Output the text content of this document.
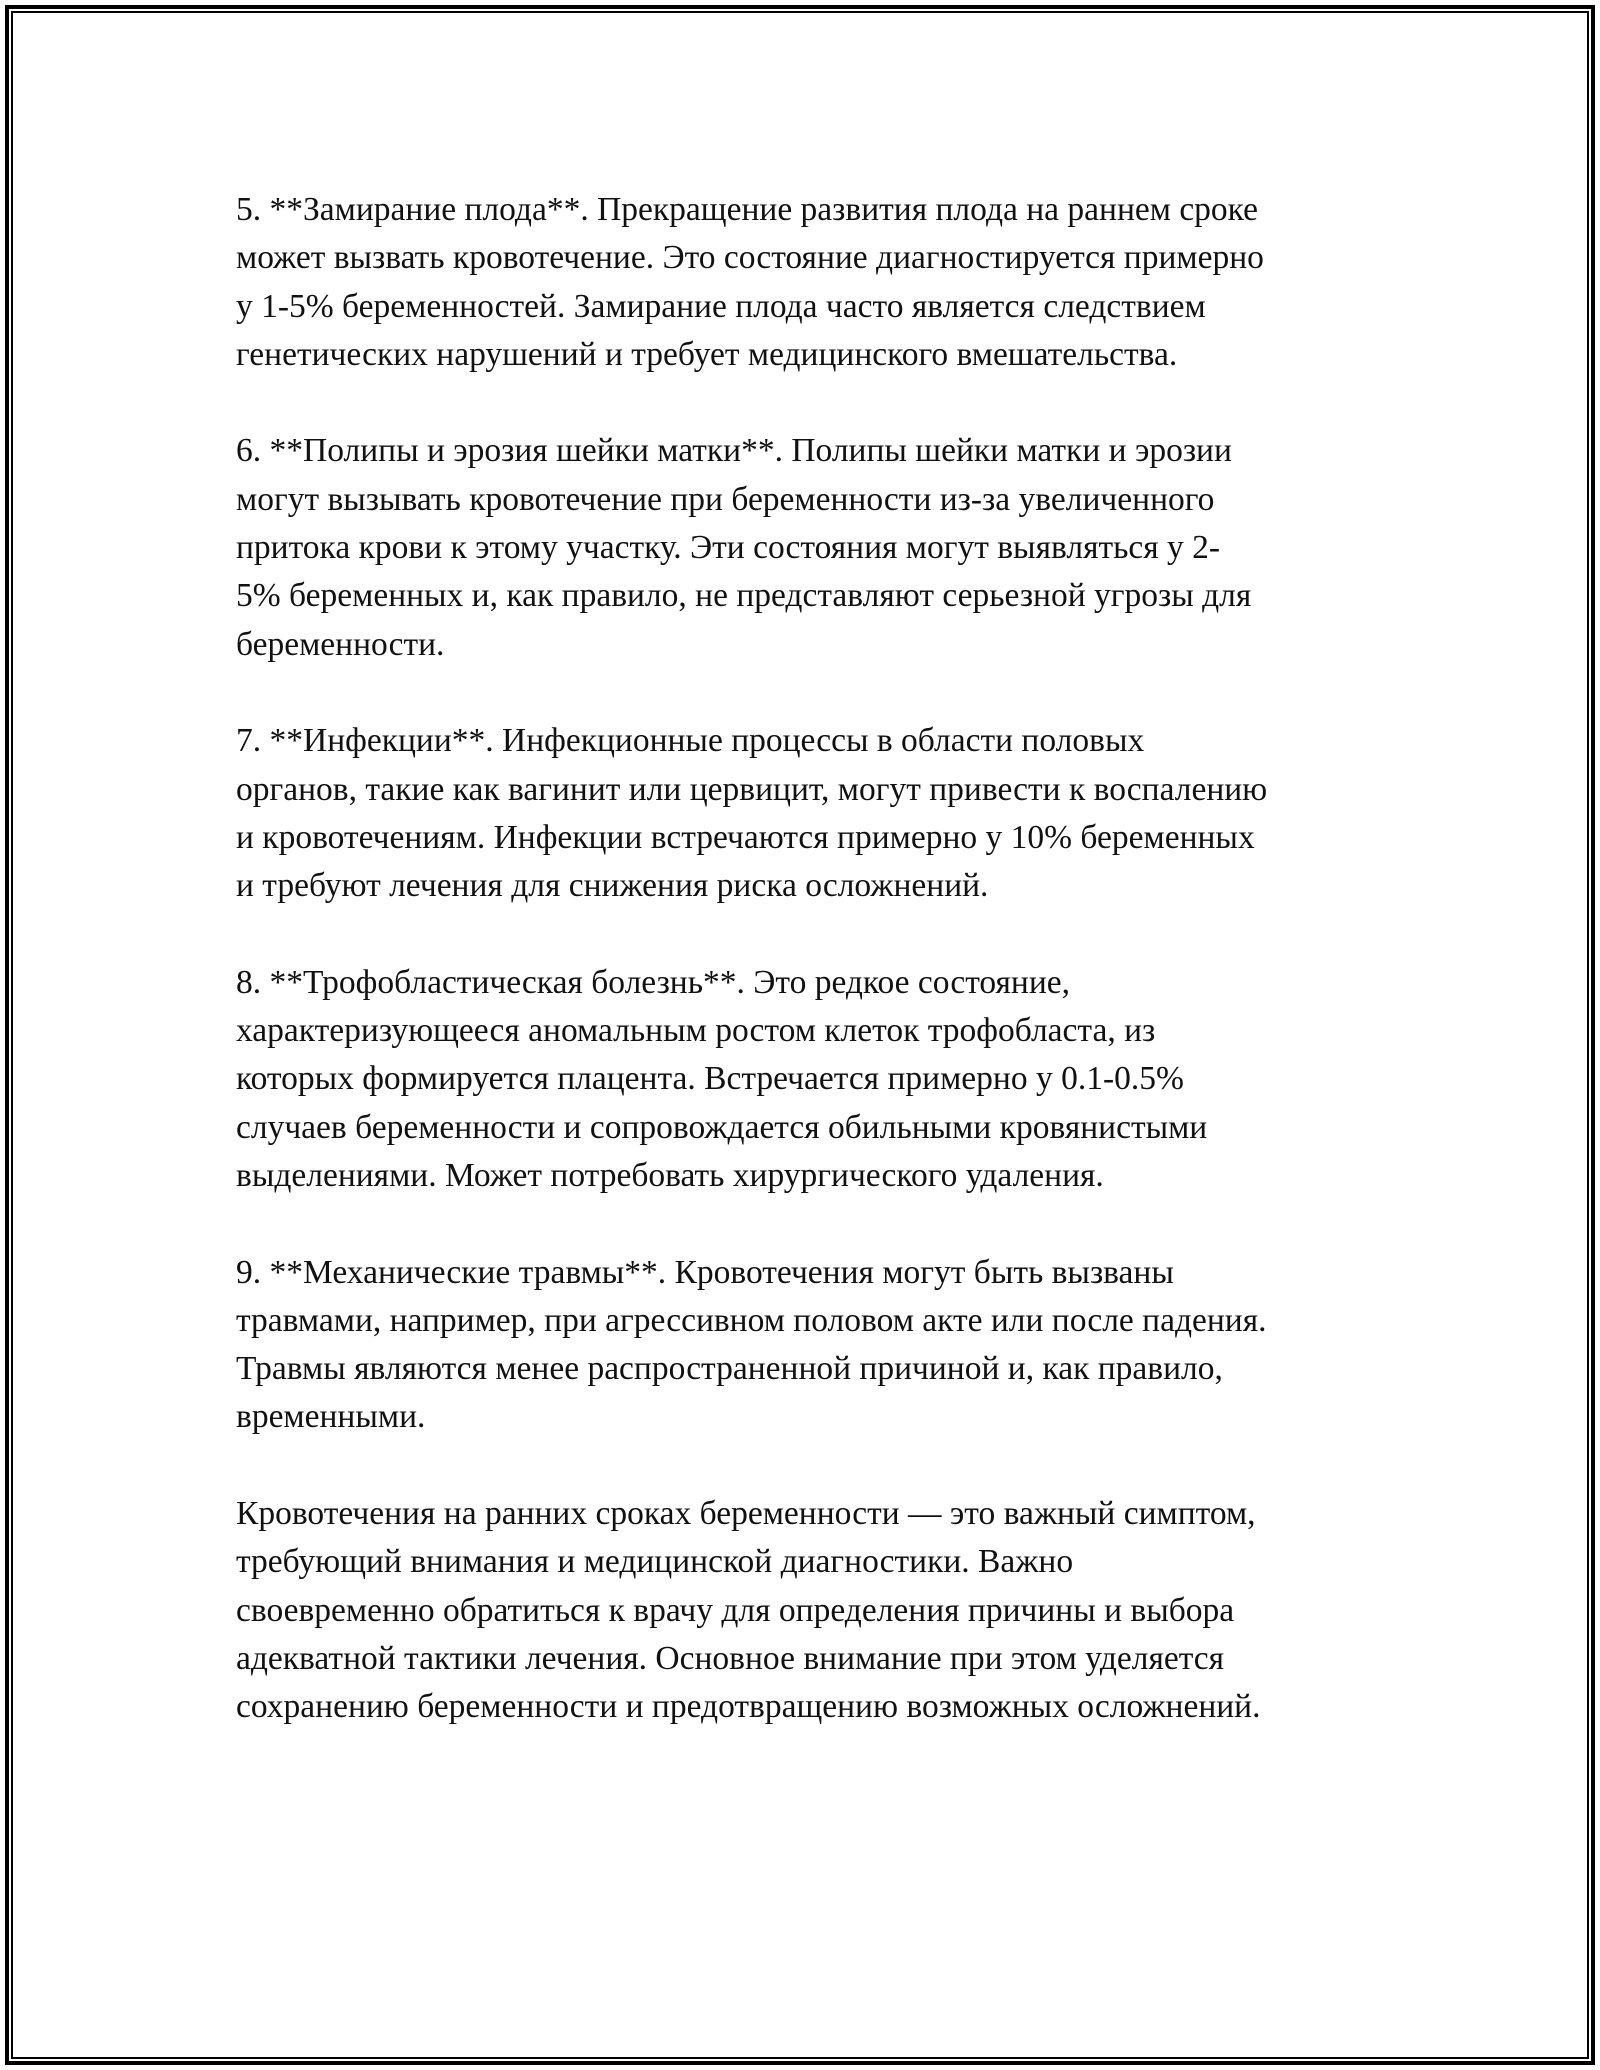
5. **Замирание плода**. Прекращение развития плода на раннем сроке
может вызвать кровотечение. Это состояние диагностируется примерно
у 1-5% беременностей. Замирание плода часто является следствием
генетических нарушений и требует медицинского вмешательства.

6. **Полипы и эрозия шейки матки**. Полипы шейки матки и эрозии
могут вызывать кровотечение при беременности из-за увеличенного
притока крови к этому участку. Эти состояния могут выявляться у 2-
5% беременных и, как правило, не представляют серьезной угрозы для
беременности.

7. **Инфекции**. Инфекционные процессы в области половых
органов, такие как вагинит или цервицит, могут привести к воспалению
и кровотечениям. Инфекции встречаются примерно у 10% беременных
и требуют лечения для снижения риска осложнений.

8. **Трофобластическая болезнь**. Это редкое состояние,
характеризующееся аномальным ростом клеток трофобласта, из
которых формируется плацента. Встречается примерно у 0.1-0.5%
случаев беременности и сопровождается обильными кровянистыми
выделениями. Может потребовать хирургического удаления.

9. **Механические травмы**. Кровотечения могут быть вызваны
травмами, например, при агрессивном половом акте или после падения.
Травмы являются менее распространенной причиной и, как правило,
временными.

Кровотечения на ранних сроках беременности — это важный симптом,
требующий внимания и медицинской диагностики. Важно
своевременно обратиться к врачу для определения причины и выбора
адекватной тактики лечения. Основное внимание при этом уделяется
сохранению беременности и предотвращению возможных осложнений.
